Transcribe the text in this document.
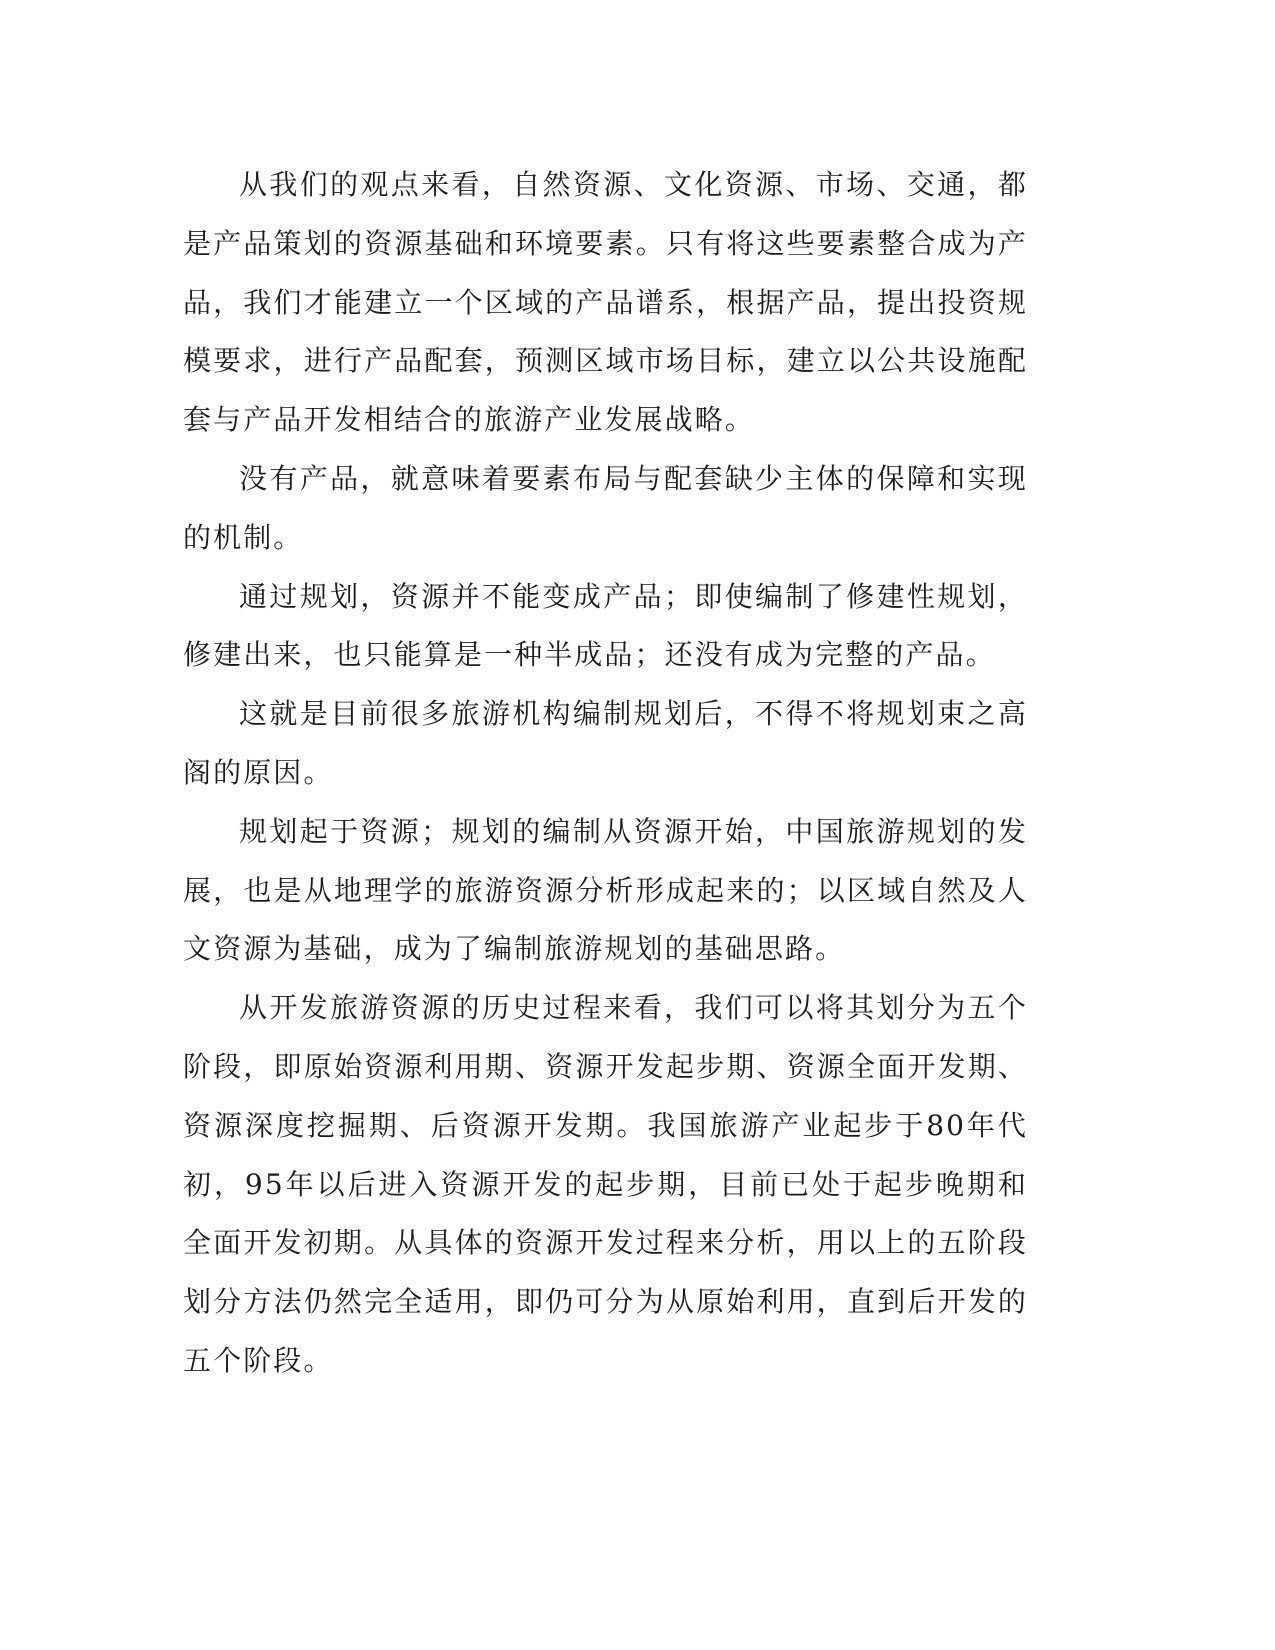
从我们的观点来看，自然资源、文化资源、市场、交通，都是产品策划的资源基础和环境要素。只有将这些要素整合成为产品，我们才能建立一个区域的产品谱系，根据产品，提出投资规模要求，进行产品配套，预测区域市场目标，建立以公共设施配套与产品开发相结合的旅游产业发展战略。

没有产品，就意味着要素布局与配套缺少主体的保障和实现的机制。

通过规划，资源并不能变成产品；即使编制了修建性规划，修建出来，也只能算是一种半成品；还没有成为完整的产品。

这就是目前很多旅游机构编制规划后，不得不将规划束之高阁的原因。

规划起于资源；规划的编制从资源开始，中国旅游规划的发展，也是从地理学的旅游资源分析形成起来的；以区域自然及人文资源为基础，成为了编制旅游规划的基础思路。

从开发旅游资源的历史过程来看，我们可以将其划分为五个阶段，即原始资源利用期、资源开发起步期、资源全面开发期、资源深度挖掘期、后资源开发期。我国旅游产业起步于80年代初，95年以后进入资源开发的起步期，目前已处于起步晚期和全面开发初期。从具体的资源开发过程来分析，用以上的五阶段划分方法仍然完全适用，即仍可分为从原始利用，直到后开发的五个阶段。
